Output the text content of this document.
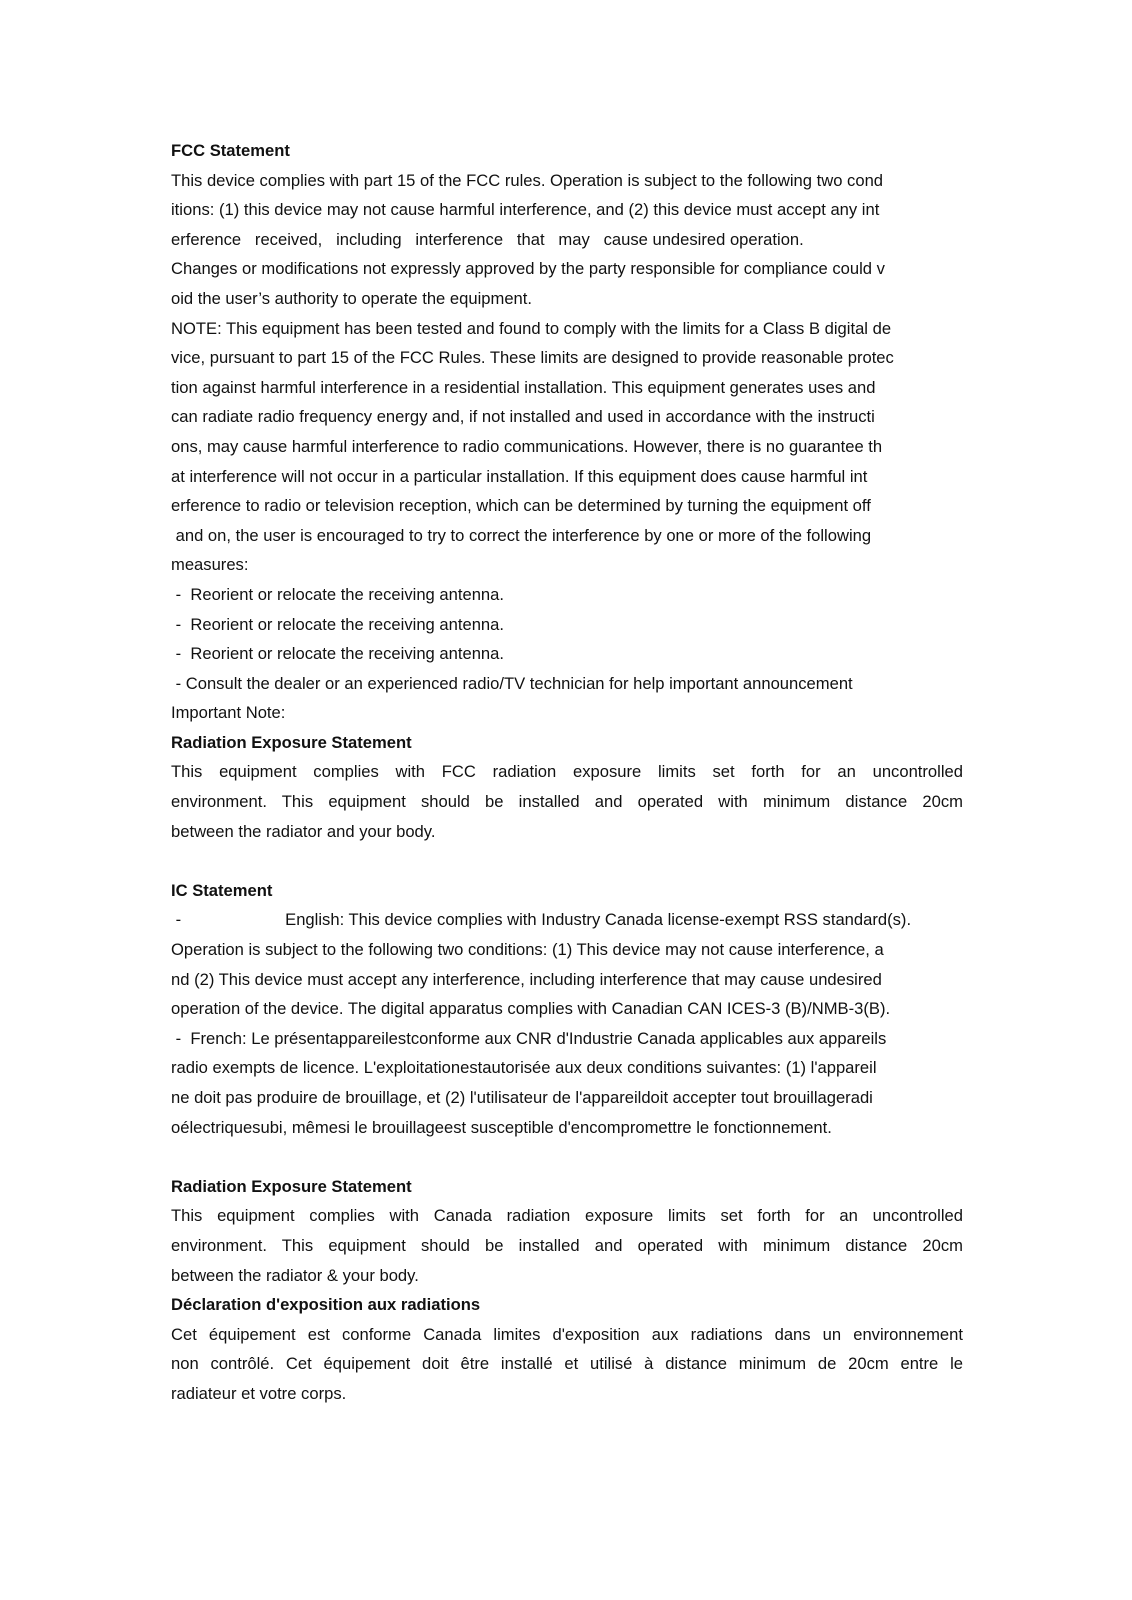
FCC Statement
This device complies with part 15 of the FCC rules. Operation is subject to the following two cond
itions: (1) this device may not cause harmful interference, and (2) this device must accept any int
erference   received,   including   interference   that   may   cause undesired operation.
Changes or modifications not expressly approved by the party responsible for compliance could v
oid the user’s authority to operate the equipment.
NOTE: This equipment has been tested and found to comply with the limits for a Class B digital de
vice, pursuant to part 15 of the FCC Rules. These limits are designed to provide reasonable protec
tion against harmful interference in a residential installation. This equipment generates uses and
can radiate radio frequency energy and, if not installed and used in accordance with the instructi
ons, may cause harmful interference to radio communications. However, there is no guarantee th
at interference will not occur in a particular installation. If this equipment does cause harmful int
erference to radio or television reception, which can be determined by turning the equipment off
and on, the user is encouraged to try to correct the interference by one or more of the following
measures:
-  Reorient or relocate the receiving antenna.
-  Reorient or relocate the receiving antenna.
-  Reorient or relocate the receiving antenna.
- Consult the dealer or an experienced radio/TV technician for help important announcement
Important Note:
Radiation Exposure Statement
This equipment complies with FCC radiation exposure limits set forth for an uncontrolled
environment. This equipment should be installed and operated with minimum distance 20cm
between the radiator and your body.
IC Statement
-	English: This device complies with Industry Canada license-exempt RSS standard(s).
Operation is subject to the following two conditions: (1) This device may not cause interference, a
nd (2) This device must accept any interference, including interference that may cause undesired
operation of the device. The digital apparatus complies with Canadian CAN ICES-3 (B)/NMB-3(B).
-  French: Le présentappareilestconforme aux CNR d'Industrie Canada applicables aux appareils
radio exempts de licence. L'exploitationestautorisée aux deux conditions suivantes: (1) l'appareil
ne doit pas produire de brouillage, et (2) l'utilisateur de l'appareildoit accepter tout brouillageradi
oélectriquesubi, mêmesi le brouillageest susceptible d'encompromettre le fonctionnement.
Radiation Exposure Statement
This equipment complies with Canada radiation exposure limits set forth for an uncontrolled
environment. This equipment should be installed and operated with minimum distance 20cm
between the radiator & your body.
Déclaration d'exposition aux radiations
Cet équipement est conforme Canada limites d'exposition aux radiations dans un environnement
non contrôlé. Cet équipement doit être installé et utilisé à distance minimum de 20cm entre le
radiateur et votre corps.
